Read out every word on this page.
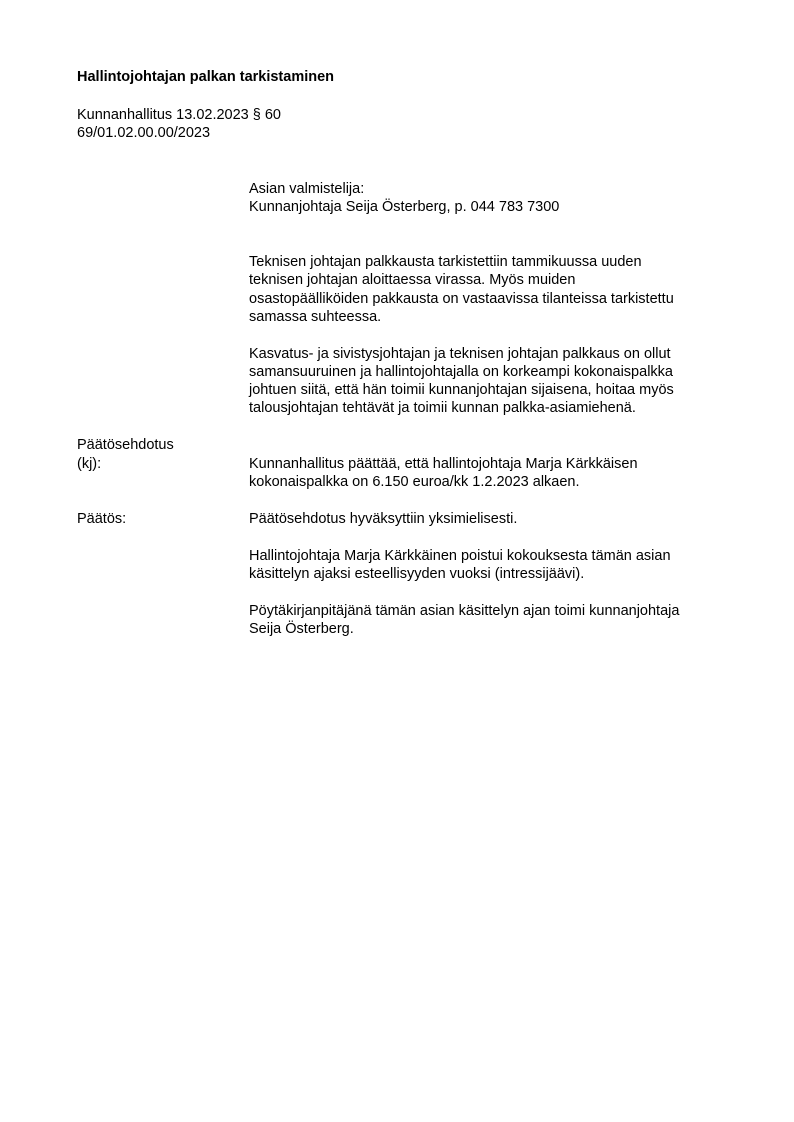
Hallintojohtajan palkan tarkistaminen
Kunnanhallitus 13.02.2023 § 60
69/01.02.00.00/2023
Asian valmistelija:
Kunnanjohtaja Seija Österberg, p. 044 783 7300
Teknisen johtajan palkkausta tarkistettiin tammikuussa uuden
teknisen johtajan aloittaessa virassa. Myös muiden
osastopäälliköiden pakkausta on vastaavissa tilanteissa tarkistettu
samassa suhteessa.
Kasvatus- ja sivistysjohtajan ja teknisen johtajan palkkaus on ollut
samansuuruinen ja hallintojohtajalla on korkeampi kokonaispalkka
johtuen siitä, että hän toimii kunnanjohtajan sijaisena, hoitaa myös
talousjohtajan tehtävät ja toimii kunnan palkka-asiamiehenä.
Päätösehdotus
(kj):	Kunnanhallitus päättää, että hallintojohtaja Marja Kärkkäisen
kokonaispalkka on 6.150 euroa/kk 1.2.2023 alkaen.
Päätös:	Päätösehdotus hyväksyttiin yksimielisesti.
Hallintojohtaja Marja Kärkkäinen poistui kokouksesta tämän asian
käsittelyn ajaksi esteellisyyden vuoksi (intressijäävi).
Pöytäkirjanpitäjänä tämän asian käsittelyn ajan toimi kunnanjohtaja
Seija Österberg.
